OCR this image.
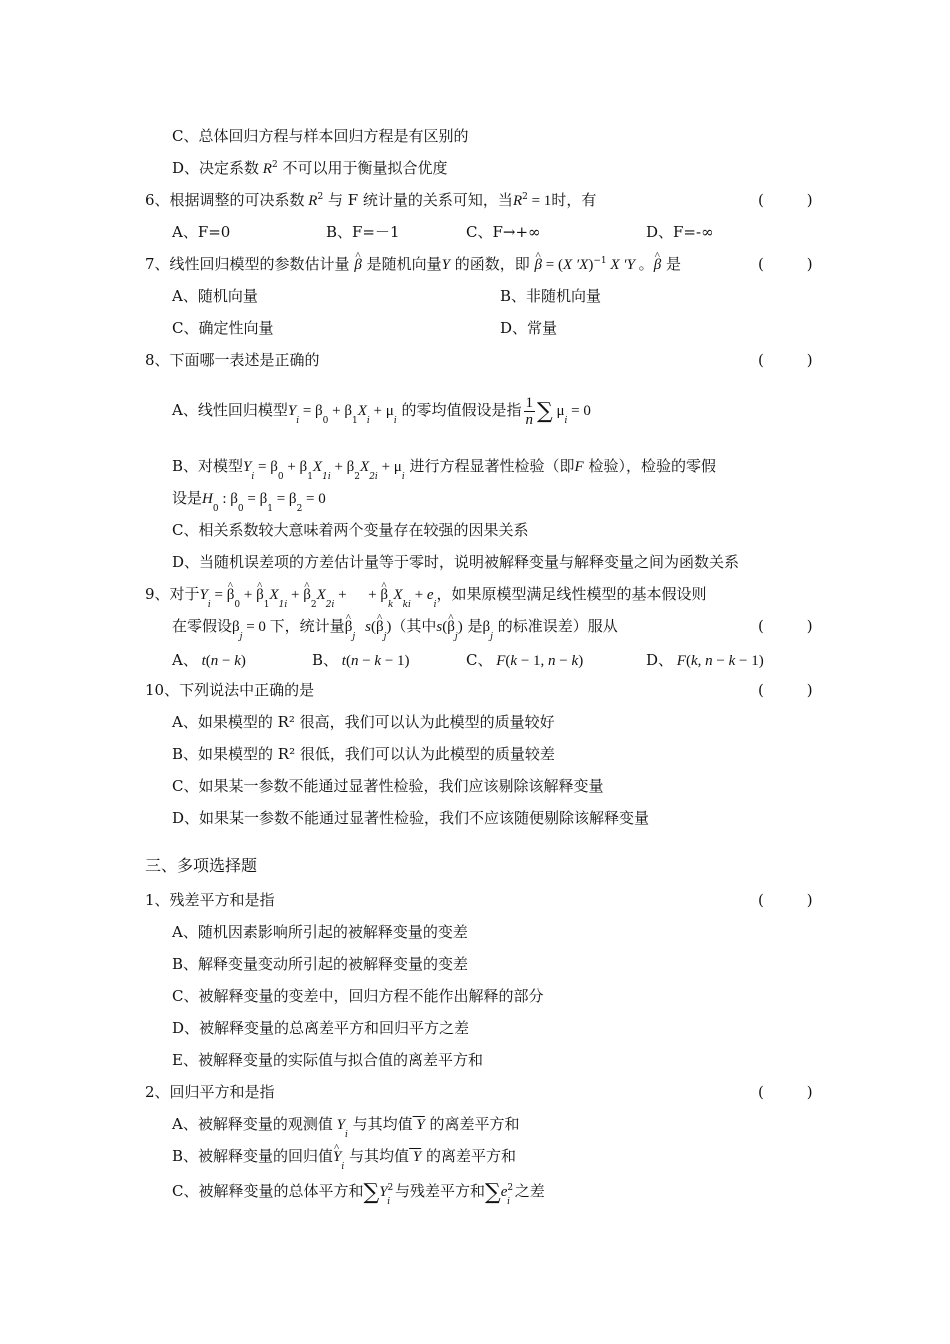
C、总体回归方程与样本回归方程是有区别的
D、决定系数 $R^2$ 不可以用于衡量拟合优度
6、根据调整的可决系数 $R^2$ 与 F 统计量的关系可知，当$R^2 = 1$时，有	(         )
A、F=0	B、F=－1	C、F→+∞	D、F=-∞
7、线性回归模型的参数估计量 ^ β 是随机向量Y 的函数，即 ^ β = (X ′X)$^{-1}$ X ′Y 。^ β 是	(         )
A、随机向量	B、非随机向量
C、确定性向量	D、常量
8、下面哪一表述是正确的	(         )
A、线性回归模型$Y_i = \beta_0 + \beta_1X_i + \mu_i$ 的零均值假设是指 $\frac{1}{n}$ ∑ $\mu_i = 0$
B、对模型$Y_i = \beta_0 + \beta_1X_{1i} + \beta_2X_{2i} + \mu_i$ 进行方程显著性检验（即F 检验），检验的零假
设是$H_0$ : $\beta_0 = \beta_1 = \beta_2 = 0$
C、相关系数较大意味着两个变量存在较强的因果关系
D、当随机误差项的方差估计量等于零时，说明被解释变量与解释变量之间为函数关系
9、对于$Y_i$ = ^ $\beta_0$ + ^ $\beta_1X_{1i}$ + ^ $\beta_2X_{2i}$ +  + ^ $\beta_kX_{ki} + e_i$，如果原模型满足线性模型的基本假设则
在零假设$\beta_j = 0$ 下，统计量^ $\beta_js(\^{}$ $\beta_j$)（其中s(^ $\beta_j$) 是$\beta_j$ 的标准误差）服从	(         )
A、 t(n − k)	B、 t(n − k − 1)	C、 F(k − 1, n − k)	D、 F(k, n − k − 1)
10、下列说法中正确的是	(         )
A、如果模型的 R² 很高，我们可以认为此模型的质量较好
B、如果模型的 R² 很低，我们可以认为此模型的质量较差
C、如果某一参数不能通过显著性检验，我们应该剔除该解释变量
D、如果某一参数不能通过显著性检验，我们不应该随便剔除该解释变量
三、多项选择题
1、残差平方和是指	(         )
A、随机因素影响所引起的被解释变量的变差
B、解释变量变动所引起的被解释变量的变差
C、被解释变量的变差中，回归方程不能作出解释的部分
D、被解释变量的总离差平方和回归平方之差
E、被解释变量的实际值与拟合值的离差平方和
2、回归平方和是指	(         )
A、被解释变量的观测值 $Y_i$ 与其均值 Y 的离差平方和
B、被解释变量的回归值^ $Y_i$ 与其均值 Y 的离差平方和
C、被解释变量的总体平方和$\sum Y^2_i$ 与残差平方和$\sum e^2_i$ 之差
